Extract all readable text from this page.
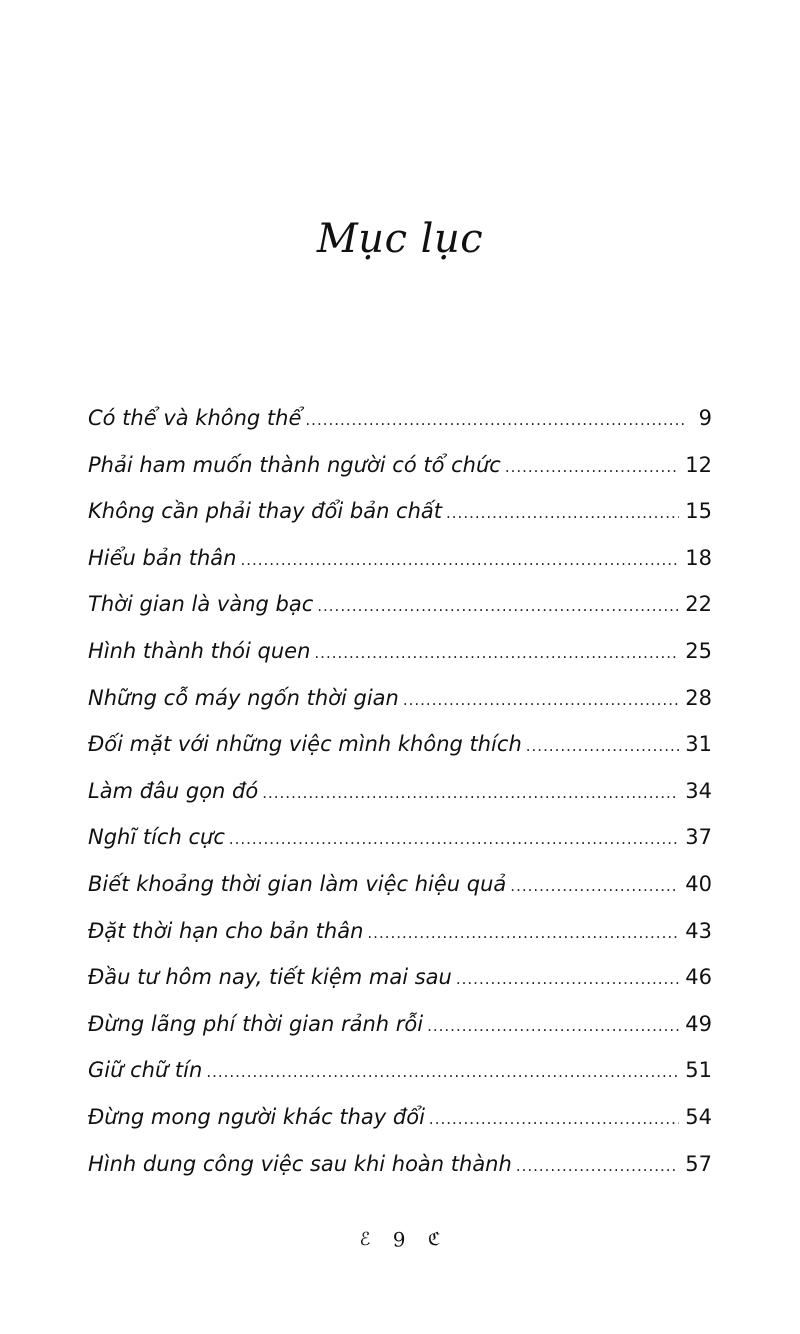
Mục lục
Có thể và không thể .....	9
Phải ham muốn thành người có tổ chức .....	12
Không cần phải thay đổi bản chất .....	15
Hiểu bản thân .....	18
Thời gian là vàng bạc .....	22
Hình thành thói quen .....	25
Những cỗ máy ngốn thời gian .....	28
Đối mặt với những việc mình không thích .....	31
Làm đâu gọn đó .....	34
Nghĩ tích cực .....	37
Biết khoảng thời gian làm việc hiệu quả .....	40
Đặt thời hạn cho bản thân .....	43
Đầu tư hôm nay, tiết kiệm mai sau .....	46
Đừng lãng phí thời gian rảnh rỗi .....	49
Giữ chữ tín .....	51
Đừng mong người khác thay đổi .....	54
Hình dung công việc sau khi hoàn thành .....	57
ℰ 9 ℭ
